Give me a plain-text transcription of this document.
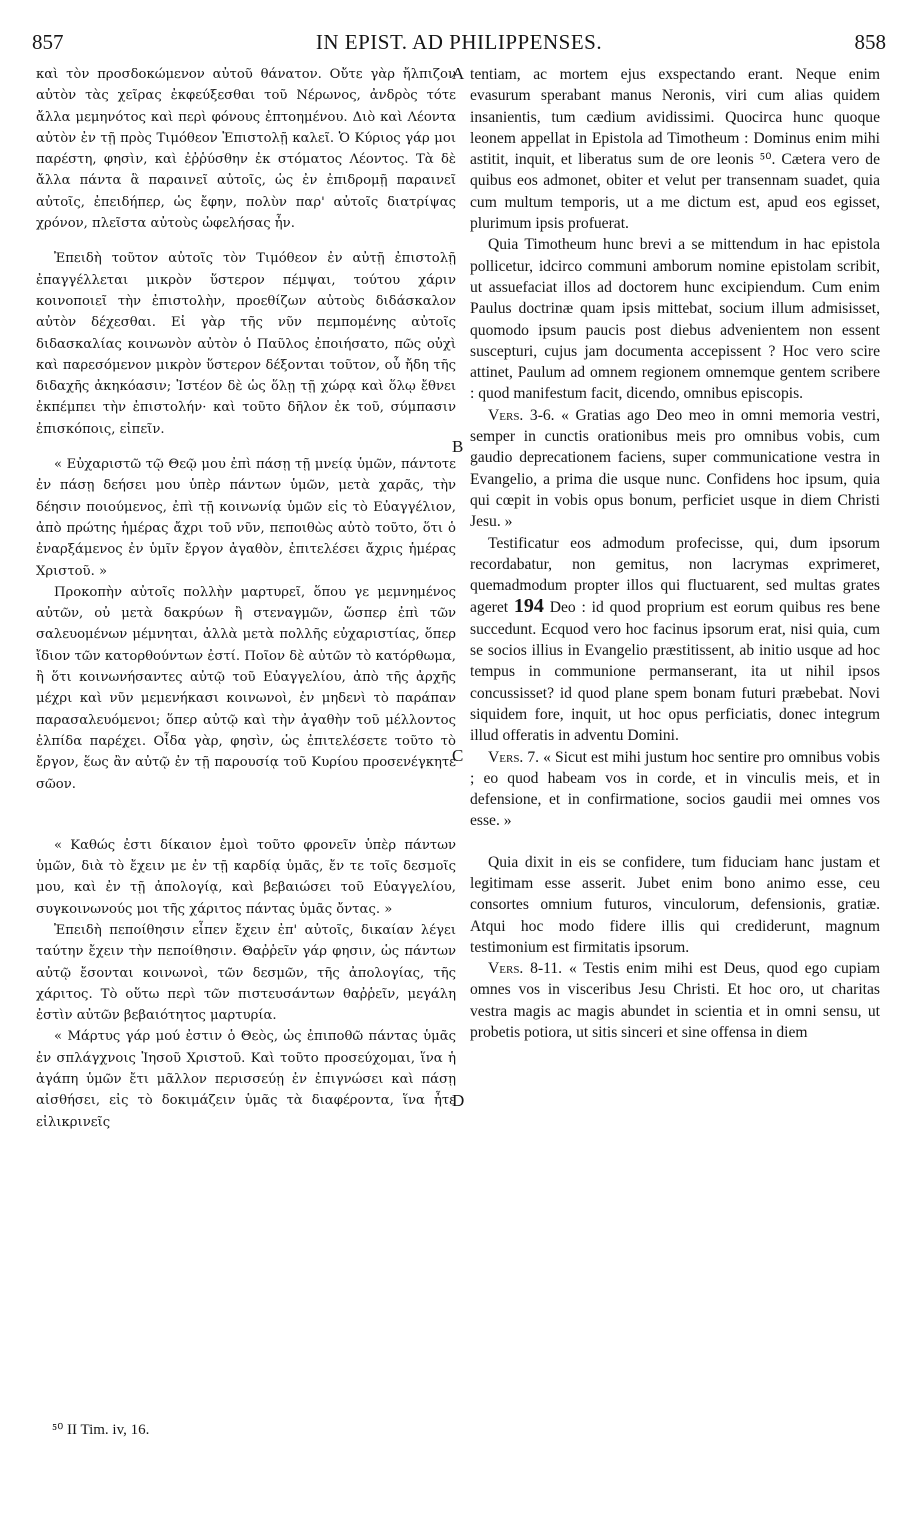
857	IN EPIST. AD PHILIPPENSES.	858
A
B
C
D

καὶ τὸν προσδοκώμενον αὐτοῦ θάνατον. Οὔτε γὰρ ἤλπιζον αὐτὸν τὰς χεῖρας ἐκφεύξεσθαι τοῦ Νέρωνος, ἀνδρὸς τότε ἄλλα μεμηνότος καὶ περὶ φόνους ἐπτοημένου. Διὸ καὶ Λέοντα αὐτὸν ἐν τῇ πρὸς Τιμόθεον Ἐπιστολῇ καλεῖ. Ὁ Κύριος γάρ μοι παρέστη, φησὶν, καὶ ἐῤῥύσθην ἐκ στόματος Λέοντος. Τὰ δὲ ἄλλα πάντα ἃ παραινεῖ αὐτοῖς, ὡς ἐν ἐπιδρομῇ παραινεῖ αὐτοῖς, ἐπειδήπερ, ὡς ἔφην, πολὺν παρ' αὐτοῖς διατρίψας χρόνον, πλεῖστα αὐτοὺς ὠφελήσας ἦν.

Ἐπειδὴ τοῦτον αὐτοῖς τὸν Τιμόθεον ἐν αὐτῇ ἐπιστολῇ ἐπαγγέλλεται μικρὸν ὕστερον πέμψαι, τούτου χάριν κοινοποιεῖ τὴν ἐπιστολὴν, προεθίζων αὐτοὺς διδάσκαλον αὐτὸν δέχεσθαι. Εἰ γὰρ τῆς νῦν πεμπομένης αὐτοῖς διδασκαλίας κοινωνὸν αὐτὸν ὁ Παῦλος ἐποιήσατο, πῶς οὐχὶ καὶ παρεσόμενον μικρὸν ὕστερον δέξονται τοῦτον, οὗ ἤδη τῆς διδαχῆς ἀκηκόασιν; Ἰστέον δὲ ὡς ὅλῃ τῇ χώρᾳ καὶ ὅλῳ ἔθνει ἐκπέμπει τὴν ἐπιστολήν· καὶ τοῦτο δῆλον ἐκ τοῦ, σύμπασιν ἐπισκόποις, εἰπεῖν.

« Εὐχαριστῶ τῷ Θεῷ μου ἐπὶ πάσῃ τῇ μνείᾳ ὑμῶν, πάντοτε ἐν πάσῃ δεήσει μου ὑπὲρ πάντων ὑμῶν, μετὰ χαρᾶς, τὴν δέησιν ποιούμενος, ἐπὶ τῇ κοινωνίᾳ ὑμῶν εἰς τὸ Εὐαγγέλιον, ἀπὸ πρώτης ἡμέρας ἄχρι τοῦ νῦν, πεποιθὼς αὐτὸ τοῦτο, ὅτι ὁ ἐναρξάμενος ἐν ὑμῖν ἔργον ἀγαθὸν, ἐπιτελέσει ἄχρις ἡμέρας Χριστοῦ. »

Προκοπὴν αὐτοῖς πολλὴν μαρτυρεῖ, ὅπου γε μεμνημένος αὐτῶν, οὐ μετὰ δακρύων ἢ στεναγμῶν, ὥσπερ ἐπὶ τῶν σαλευομένων μέμνηται, ἀλλὰ μετὰ πολλῆς εὐχαριστίας, ὅπερ ἴδιον τῶν κατορθούντων ἐστί. Ποῖον δὲ αὐτῶν τὸ κατόρθωμα, ἢ ὅτι κοινωνήσαντες αὐτῷ τοῦ Εὐαγγελίου, ἀπὸ τῆς ἀρχῆς μέχρι καὶ νῦν μεμενήκασι κοινωνοὶ, ἐν μηδενὶ τὸ παράπαν παρασαλευόμενοι; ὅπερ αὐτῷ καὶ τὴν ἀγαθὴν τοῦ μέλλοντος ἐλπίδα παρέχει. Οἶδα γὰρ, φησὶν, ὡς ἐπιτελέσετε τοῦτο τὸ ἔργον, ἕως ἂν αὐτῷ ἐν τῇ παρουσίᾳ τοῦ Κυρίου προσενέγκητε σῶον.

« Καθώς ἐστι δίκαιον ἐμοὶ τοῦτο φρονεῖν ὑπὲρ πάντων ὑμῶν, διὰ τὸ ἔχειν με ἐν τῇ καρδίᾳ ὑμᾶς, ἔν τε τοῖς δεσμοῖς μου, καὶ ἐν τῇ ἀπολογίᾳ, καὶ βεβαιώσει τοῦ Εὐαγγελίου, συγκοινωνούς μοι τῆς χάριτος πάντας ὑμᾶς ὄντας. »

Ἐπειδὴ πεποίθησιν εἶπεν ἔχειν ἐπ' αὐτοῖς, δικαίαν λέγει ταύτην ἔχειν τὴν πεποίθησιν. Θαῤῥεῖν γάρ φησιν, ὡς πάντων αὐτῷ ἔσονται κοινωνοὶ, τῶν δεσμῶν, τῆς ἀπολογίας, τῆς χάριτος. Τὸ οὕτω περὶ τῶν πιστευσάντων θαῤῥεῖν, μεγάλη ἐστὶν αὐτῶν βεβαιότητος μαρτυρία.

« Μάρτυς γάρ μού ἐστιν ὁ Θεὸς, ὡς ἐπιποθῶ πάντας ὑμᾶς ἐν σπλάγχνοις Ἰησοῦ Χριστοῦ. Καὶ τοῦτο προσεύχομαι, ἵνα ἡ ἀγάπη ὑμῶν ἔτι μᾶλλον περισσεύῃ ἐν ἐπιγνώσει καὶ πάσῃ αἰσθήσει, εἰς τὸ δοκιμάζειν ὑμᾶς τὰ διαφέροντα, ἵνα ἦτε εἰλικρινεῖς

tentiam, ac mortem ejus exspectando erant. Neque enim evasurum sperabant manus Neronis, viri cum alias quidem insanientis, tum cædium avidissimi. Quocirca hunc quoque leonem appellat in Epistola ad Timotheum : Dominus enim mihi astitit, inquit, et liberatus sum de ore leonis ⁵⁰. Cætera vero de quibus eos admonet, obiter et velut per transennam suadet, quia cum multum temporis, ut a me dictum est, apud eos egisset, plurimum ipsis profuerat.

Quia Timotheum hunc brevi a se mittendum in hac epistola pollicetur, idcirco communi amborum nomine epistolam scribit, ut assuefaciat illos ad doctorem hunc excipiendum. Cum enim Paulus doctrinæ quam ipsis mittebat, socium illum admisisset, quomodo ipsum paucis post diebus advenientem non essent suscepturi, cujus jam documenta accepissent ? Hoc vero scire attinet, Paulum ad omnem regionem omnemque gentem scribere : quod manifestum facit, dicendo, omnibus episcopis.

Vers. 3-6. « Gratias ago Deo meo in omni memoria vestri, semper in cunctis orationibus meis pro omnibus vobis, cum gaudio deprecationem faciens, super communicatione vestra in Evangelio, a prima die usque nunc. Confidens hoc ipsum, quia qui cœpit in vobis opus bonum, perficiet usque in diem Christi Jesu. »

Testificatur eos admodum profecisse, qui, dum ipsorum recordabatur, non gemitus, non lacrymas exprimeret, quemadmodum propter illos qui fluctuarent, sed multas grates ageret 194 Deo : id quod proprium est eorum quibus res bene succedunt. Ecquod vero hoc facinus ipsorum erat, nisi quia, cum se socios illius in Evangelio præstitissent, ab initio usque ad hoc tempus in communione permanserant, ita ut nihil ipsos concussisset? id quod plane spem bonam futuri præbebat. Novi siquidem fore, inquit, ut hoc opus perficiatis, donec integrum illud offeratis in adventu Domini.

Vers. 7. « Sicut est mihi justum hoc sentire pro omnibus vobis ; eo quod habeam vos in corde, et in vinculis meis, et in defensione, et in confirmatione, socios gaudii mei omnes vos esse. »

Quia dixit in eis se confidere, tum fiduciam hanc justam et legitimam esse asserit. Jubet enim bono animo esse, ceu consortes omnium futuros, vinculorum, defensionis, gratiæ. Atqui hoc modo fidere illis qui crediderunt, magnum testimonium est firmitatis ipsorum.

Vers. 8-11. « Testis enim mihi est Deus, quod ego cupiam omnes vos in visceribus Jesu Christi. Et hoc oro, ut charitas vestra magis ac magis abundet in scientia et in omni sensu, ut probetis potiora, ut sitis sinceri et sine offensa in diem

⁵⁰ II Tim. iv, 16.
